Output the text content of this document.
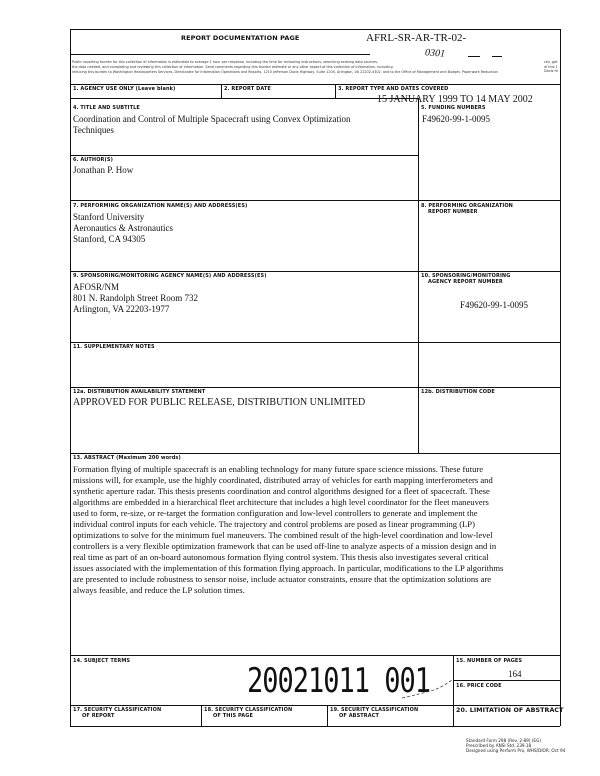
REPORT DOCUMENTATION PAGE	AFRL-SR-AR-TR-02-
0301
ces, gat of this 1 Davis Hi
Public reporting burden for this collection of information is estimated to average 1 hour per response, including the time for reviewing instructions, searching existing data sources,
the data needed, and completing and reviewing this collection of information. Send comments regarding this burden estimate or any other aspect of this collection of information, including
reducing this burden to Washington Headquarters Services, Directorate for Information Operations and Reports, 1215 Jefferson Davis Highway, Suite 1204, Arlington, VA 22202-4302, and to the Office of Management and Budget, Paperwork Reduction
1. AGENCY USE ONLY (Leave blank)	2. REPORT DATE	3. REPORT TYPE AND DATES COVERED
15 JANUARY 1999 TO 14 MAY 2002
4. TITLE AND SUBTITLE
Coordination and Control of Multiple Spacecraft using Convex Optimization
Techniques
5. FUNDING NUMBERS
F49620-99-1-0095
6. AUTHOR(S)
Jonathan P. How
7. PERFORMING ORGANIZATION NAME(S) AND ADDRESS(ES)
Stanford University
Aeronautics & Astronautics
Stanford, CA 94305
8. PERFORMING ORGANIZATION
REPORT NUMBER
9. SPONSORING/MONITORING AGENCY NAME(S) AND ADDRESS(ES)
AFOSR/NM
801 N. Randolph Street Room 732
Arlington, VA 22203-1977
10. SPONSORING/MONITORING
AGENCY REPORT NUMBER
F49620-99-1-0095
11. SUPPLEMENTARY NOTES
12a. DISTRIBUTION AVAILABILITY STATEMENT
APPROVED FOR PUBLIC RELEASE, DISTRIBUTION UNLIMITED
12b. DISTRIBUTION CODE
13. ABSTRACT (Maximum 200 words)
Formation flying of multiple spacecraft is an enabling technology for many future space science missions. These future
missions will, for example, use the highly coordinated, distributed array of vehicles for earth mapping interferometers and
synthetic aperture radar. This thesis presents coordination and control algorithms designed for a fleet of spacecraft. These
algorithms are embedded in a hierarchical fleet architecture that includes a high level coordinator for the fleet maneuvers
used to form, re-size, or re-target the formation configuration and low-level controllers to generate and implement the
individual control inputs for each vehicle. The trajectory and control problems are posed as linear programming (LP)
optimizations to solve for the minimum fuel maneuvers. The combined result of the high-level coordination and low-level
controllers is a very flexible optimization framework that can be used off-line to analyze aspects of a mission design and in
real time as part of an on-board autonomous formation flying control system. This thesis also investigates several critical
issues associated with the implementation of this formation flying approach. In particular, modifications to the LP algorithms
are presented to include robustness to sensor noise, include actuator constraints, ensure that the optimization solutions are
always feasible, and reduce the LP solution times.
14. SUBJECT TERMS
20021011 001
15. NUMBER OF PAGES
164
16. PRICE CODE
17. SECURITY CLASSIFICATION
OF REPORT
18. SECURITY CLASSIFICATION
OF THIS PAGE
19. SECURITY CLASSIFICATION
OF ABSTRACT
20. LIMITATION OF ABSTRACT
Standard Form 298 (Rev. 2-89) (EG)
Prescribed by ANSI Std. 239.18
Designed using Perform Pro, WHS/DIOR, Oct 94
